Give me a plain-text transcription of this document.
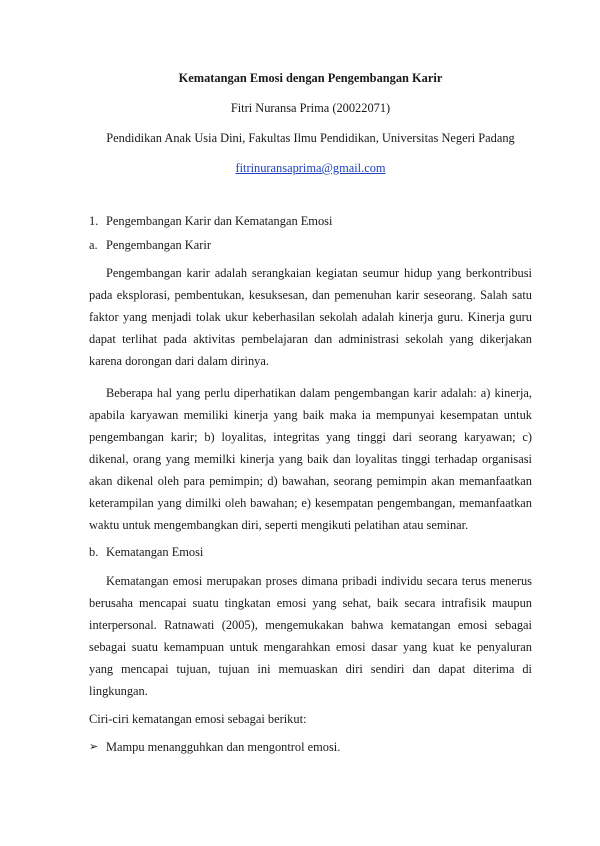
Kematangan Emosi dengan Pengembangan Karir
Fitri Nuransa Prima (20022071)
Pendidikan Anak Usia Dini, Fakultas Ilmu Pendidikan, Universitas Negeri Padang
fitrinuransaprima@gmail.com
1. Pengembangan Karir dan Kematangan Emosi
a. Pengembangan Karir

Pengembangan karir adalah serangkaian kegiatan seumur hidup yang berkontribusi pada eksplorasi, pembentukan, kesuksesan, dan pemenuhan karir seseorang. Salah satu faktor yang menjadi tolak ukur keberhasilan sekolah adalah kinerja guru. Kinerja guru dapat terlihat pada aktivitas pembelajaran dan administrasi sekolah yang dikerjakan karena dorongan dari dalam dirinya.

Beberapa hal yang perlu diperhatikan dalam pengembangan karir adalah: a) kinerja, apabila karyawan memiliki kinerja yang baik maka ia mempunyai kesempatan untuk pengembangan karir; b) loyalitas, integritas yang tinggi dari seorang karyawan; c) dikenal, orang yang memilki kinerja yang baik dan loyalitas tinggi terhadap organisasi akan dikenal oleh para pemimpin; d) bawahan, seorang pemimpin akan memanfaatkan keterampilan yang dimilki oleh bawahan; e) kesempatan pengembangan, memanfaatkan waktu untuk mengembangkan diri, seperti mengikuti pelatihan atau seminar.

b. Kematangan Emosi

Kematangan emosi merupakan proses dimana pribadi individu secara terus menerus berusaha mencapai suatu tingkatan emosi yang sehat, baik secara intrafisik maupun interpersonal. Ratnawati (2005), mengemukakan bahwa kematangan emosi sebagai sebagai suatu kemampuan untuk mengarahkan emosi dasar yang kuat ke penyaluran yang mencapai tujuan, tujuan ini memuaskan diri sendiri dan dapat diterima di lingkungan.

Ciri-ciri kematangan emosi sebagai berikut:
➢ Mampu menangguhkan dan mengontrol emosi.
